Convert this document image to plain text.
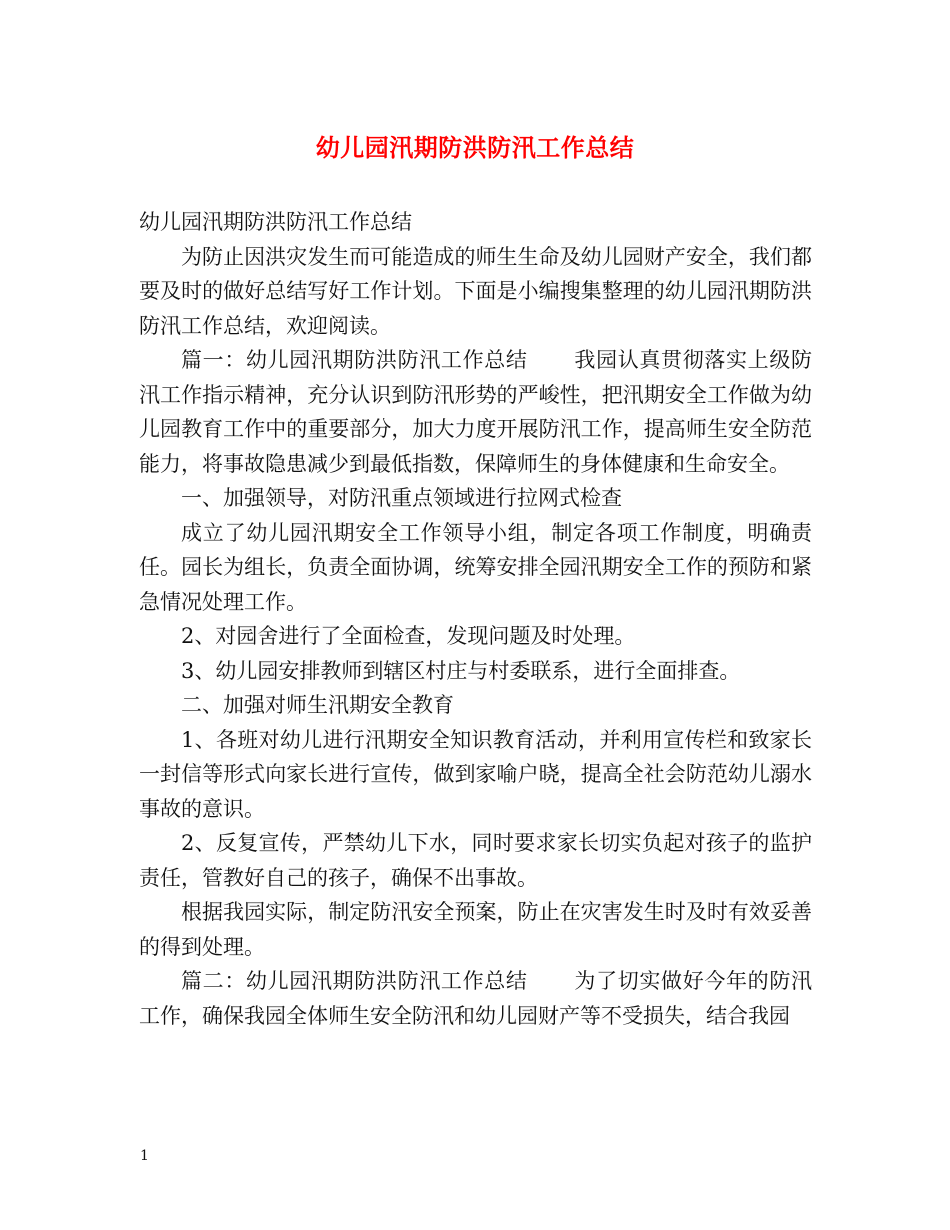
幼儿园汛期防洪防汛工作总结

幼儿园汛期防洪防汛工作总结

为防止因洪灾发生而可能造成的师生生命及幼儿园财产安全，我们都要及时的做好总结写好工作计划。下面是小编搜集整理的幼儿园汛期防洪防汛工作总结，欢迎阅读。

篇一：幼儿园汛期防洪防汛工作总结 我园认真贯彻落实上级防汛工作指示精神，充分认识到防汛形势的严峻性，把汛期安全工作做为幼儿园教育工作中的重要部分，加大力度开展防汛工作，提高师生安全防范能力，将事故隐患减少到最低指数，保障师生的身体健康和生命安全。

一、加强领导，对防汛重点领域进行拉网式检查

成立了幼儿园汛期安全工作领导小组，制定各项工作制度，明确责任。园长为组长，负责全面协调，统筹安排全园汛期安全工作的预防和紧急情况处理工作。

2、对园舍进行了全面检查，发现问题及时处理。

3、幼儿园安排教师到辖区村庄与村委联系，进行全面排查。

二、加强对师生汛期安全教育

1、各班对幼儿进行汛期安全知识教育活动，并利用宣传栏和致家长一封信等形式向家长进行宣传，做到家喻户晓，提高全社会防范幼儿溺水事故的意识。

2、反复宣传，严禁幼儿下水，同时要求家长切实负起对孩子的监护责任，管教好自己的孩子，确保不出事故。

根据我园实际，制定防汛安全预案，防止在灾害发生时及时有效妥善的得到处理。

篇二：幼儿园汛期防洪防汛工作总结 为了切实做好今年的防汛工作，确保我园全体师生安全防汛和幼儿园财产等不受损失，结合我园

1
